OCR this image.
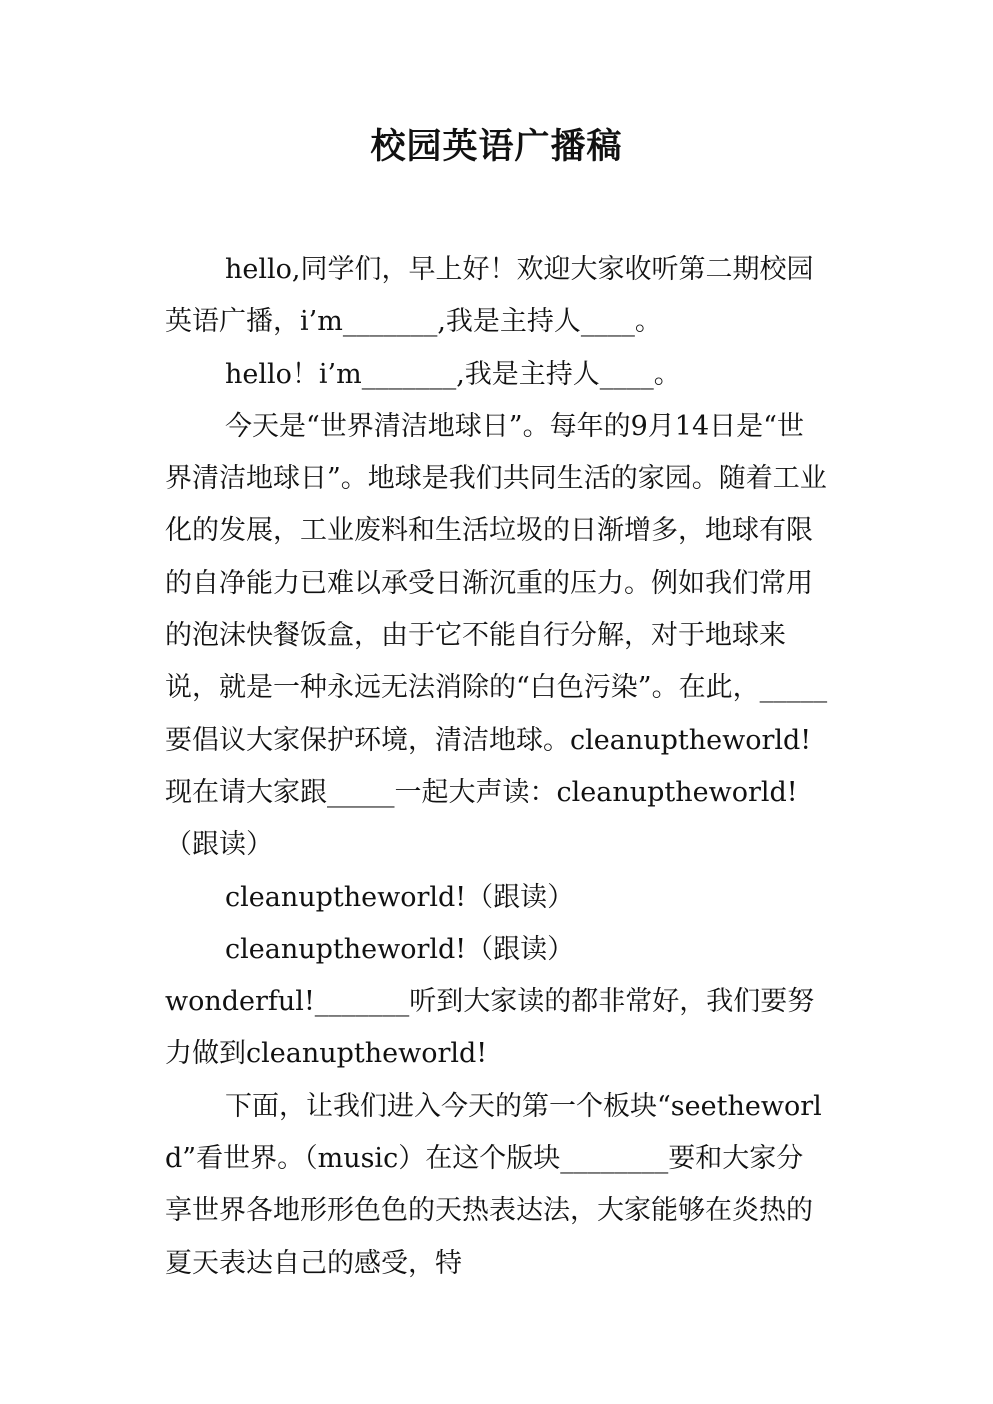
校园英语广播稿

hello,同学们，早上好！欢迎大家收听第二期校园英语广播，i’m_______,我是主持人____。

hello！i’m_______,我是主持人____。

今天是“世界清洁地球日”。每年的9月14日是“世界清洁地球日”。地球是我们共同生活的家园。随着工业化的发展，工业废料和生活垃圾的日渐增多，地球有限的自净能力已难以承受日渐沉重的压力。例如我们常用的泡沫快餐饭盒，由于它不能自行分解，对于地球来说，就是一种永远无法消除的“白色污染”。在此，_____要倡议大家保护环境，清洁地球。cleanuptheworld!现在请大家跟_____一起大声读：cleanuptheworld!（跟读）

cleanuptheworld!（跟读）

cleanuptheworld!（跟读）

wonderful!_______听到大家读的都非常好，我们要努力做到cleanuptheworld!

下面，让我们进入今天的第一个板块“seetheworld”看世界。（music）在这个版块________要和大家分享世界各地形形色色的天热表达法，大家能够在炎热的夏天表达自己的感受，特
